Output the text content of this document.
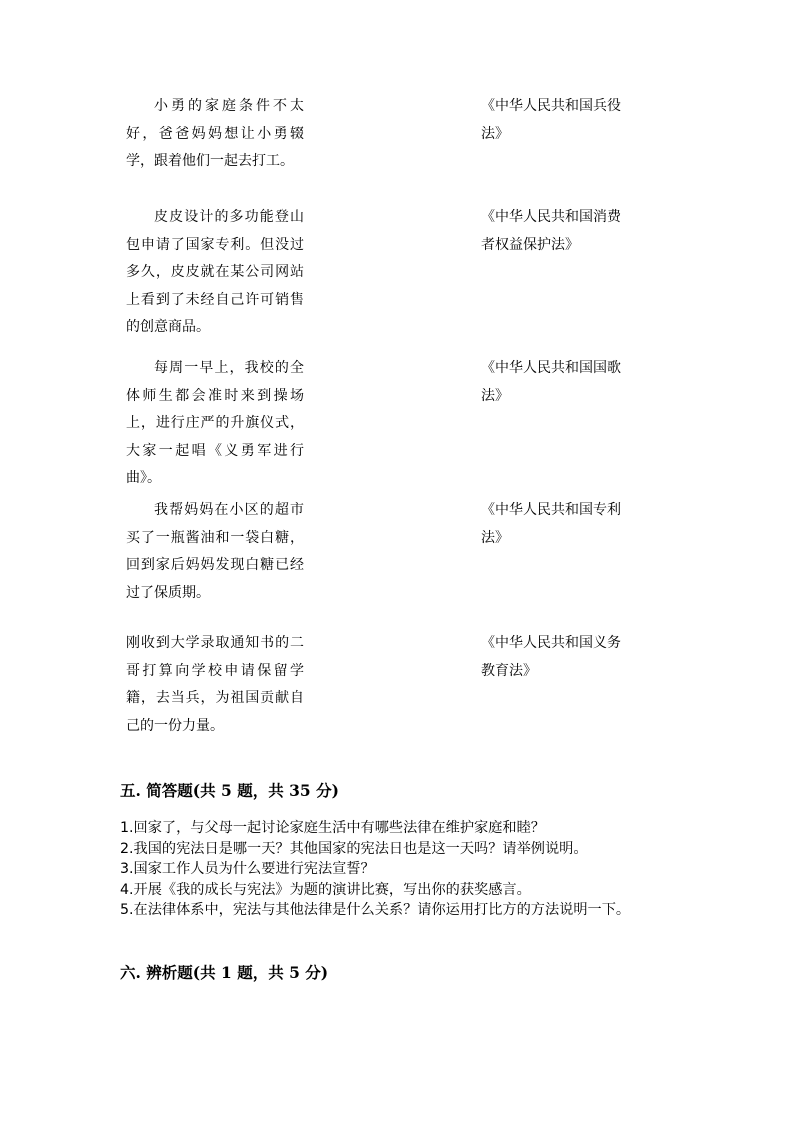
小勇的家庭条件不太好，爸爸妈妈想让小勇辍学，跟着他们一起去打工。
《中华人民共和国兵役法》
皮皮设计的多功能登山包申请了国家专利。但没过多久，皮皮就在某公司网站上看到了未经自己许可销售的创意商品。
《中华人民共和国消费者权益保护法》
每周一早上，我校的全体师生都会准时来到操场上，进行庄严的升旗仪式，大家一起唱《义勇军进行曲》。
《中华人民共和国国歌法》
我帮妈妈在小区的超市买了一瓶酱油和一袋白糖，回到家后妈妈发现白糖已经过了保质期。
《中华人民共和国专利法》
刚收到大学录取通知书的二哥打算向学校申请保留学籍，去当兵，为祖国贡献自己的一份力量。
《中华人民共和国义务教育法》
五. 简答题(共 5 题，共 35 分)
1.回家了，与父母一起讨论家庭生活中有哪些法律在维护家庭和睦？
2.我国的宪法日是哪一天？其他国家的宪法日也是这一天吗？请举例说明。
3.国家工作人员为什么要进行宪法宣誓？
4.开展《我的成长与宪法》为题的演讲比赛，写出你的获奖感言。
5.在法律体系中，宪法与其他法律是什么关系？请你运用打比方的方法说明一下。
六. 辨析题(共 1 题，共 5 分)
